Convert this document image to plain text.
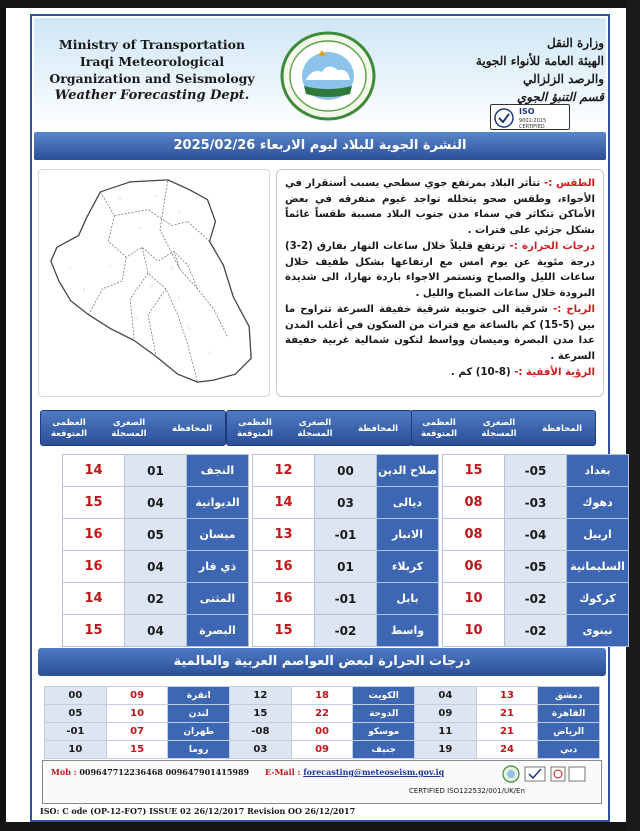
Ministry of Transportation
Iraqi Meteorological
Organization and Seismology
Weather Forecasting Dept.
◦ ◦ ◦	وزارة النقل
الهيئة العامة للأنواء الجوية
والرصد الزلزالي
قسم التنبؤ الجوي
ISO
9001:2015 CERTIFIED
النشرة الجوية للبلاد ليوم الاربعاء 2025/02/26
::	:.
.:
:.:
::
.:.
::
:.
.::
::.
.:
::
.:	:::

الطقس :- تتأثر البلاد بمرتفع جوي سطحي يسبب أستقرار في الأجواء، وطقس صحو يتخلله تواجد غيوم متفرقه في بعض الأماكن تتكاثر في سماء مدن جنوب البلاد مسببة طقساً غائماً بشكل جزئي على فترات .

درجات الحرارة :- ترتفع قليلاً خلال ساعات النهار بفارق (2-3) درجة مئوية عن يوم امس مع ارتفاعها بشكل طفيف خلال ساعات الليل والصباح وتستمر الاجواء باردة نهارا، الى شديدة البرودة خلال ساعات الصباح والليل .

الرياح :- شرقية الى جنوبية شرقية خفيفة السرعة تتراوح ما بين (5-15) كم بالساعة مع فترات من السكون في أغلب المدن عدا مدن البصرة وميسان وواسط لتكون شمالية غربية خفيفة السرعة .

الرؤية الأفقية :- (8-10) كم .

المحافظة
الصغرى المسجلة
العظمى المتوقعة
المحافظة
الصغرى المسجلة
العظمى المتوقعة
المحافظة
الصغرى المسجلة
العظمى المتوقعة
بغداد	05-	15		صلاح الدين	00	12		النجف	01	14
دهوك	03-	08		ديالى	03	14		الديوانية	04	15
اربيل	04-	08		الانبار	01-	13		ميسان	05	16
السليمانية	05-	06		كربلاء	01	16		ذي قار	04	16
كركوك	02-	10		بابل	01-	16		المثنى	02	14
نينوى	02-	10		واسط	02-	15		البصرة	04	15
درجات الحرارة لبعض العواصم العربية والعالمية
دمشق	13	04	الكويت	18	12	انقرة	09	00
القاهرة	21	09	الدوحة	22	15	لندن	10	05
الرياض	21	11	موسكو	00	08-	طهران	07	01-
دبي	24	19	جنيف	09	03	روما	15	10
Mob : 009647712236468 009647901415989 E-Mail : forecasting@meteoseism.gov.iq
CERTIFIED ISO122532/001/UK/En
ISO: C ode (OP-12-FO7) ISSUE 02 26/12/2017 Revision OO 26/12/2017
